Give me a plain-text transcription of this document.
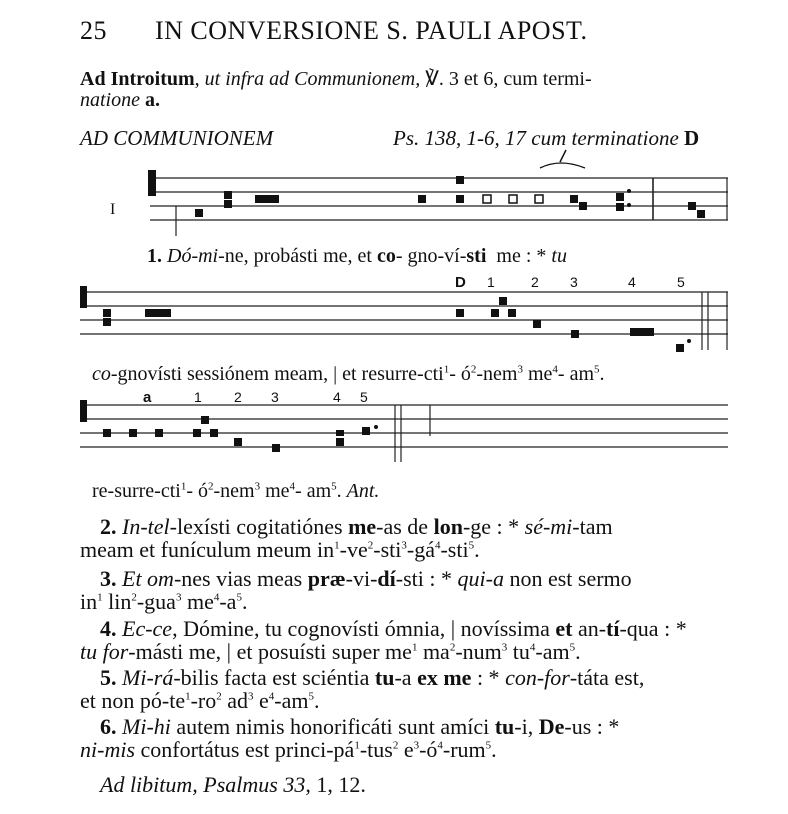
25 IN CONVERSIONE S. PAULI APOST.
Ad Introitum, ut infra ad Communionem, ℣. 3 et 6, cum termi-
natione a.
AD COMMUNIONEM	Ps. 138, 1-6, 17 cum terminatione D
I
D 1	2 3	4	5
a	1 2 3	4 5
1. Dó-mi-ne, probásti me, et co- gno-ví-sti me : * tu
co-gnovísti sessiónem meam, | et resurre-cti$^1$- $ó^2-nem^3$ $me^4-$ $am^5$.
re-surre-cti$^1$- $ó^2-nem^3$ $me^4-$ $am^5$. Ant.
2. In-tel-lexísti cogitatiónes me-as de lon-ge : * sé-mi-tam
meam et funículum meum $in^1-ve^2-sti^3-gá^4-sti^5$.
3. Et om-nes vias meas præ-vi-dí-sti : * qui-a non est sermo
$in^1$ lin$^2$-gua$^3$ $me^4-a^5$.
4. Ec-ce, Dómine, tu cognovísti ómnia, | novíssima et an-tí-qua : *
tu for-másti me, | et posuísti super $me^1$ $ma^2-num^3$ $tu^4-am^5$.
5. Mi-rá-bilis facta est sciéntia tu-a ex me : * con-for-táta est,
et non $pó-te^1-ro^2$ $ad^3$ $e^4-am^5$.
6. Mi-hi autem nimis honorificáti sunt amíci tu-i, De-us : *
ni-mis confortátus est princi-$pá^1-tus^2$ $e^3-ó^4-rum^5$.
Ad libitum, Psalmus 33, 1, 12.
